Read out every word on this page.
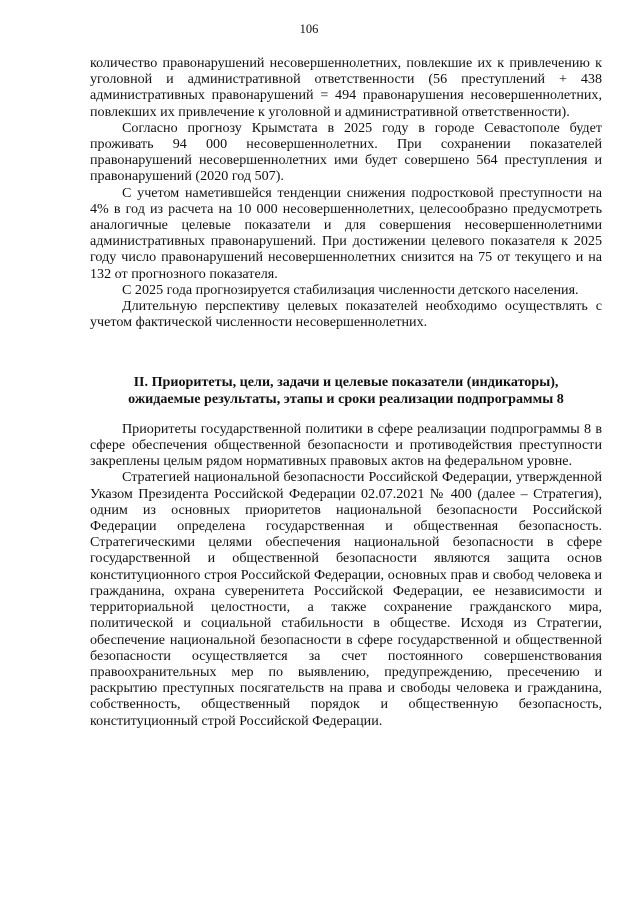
106

количество правонарушений несовершеннолетних, повлекшие их к привлечению к уголовной и административной ответственности (56 преступлений + 438 административных правонарушений = 494 правонарушения несовершеннолетних, повлекших их привлечение к уголовной и административной ответственности).

Согласно прогнозу Крымстата в 2025 году в городе Севастополе будет проживать 94 000 несовершеннолетних. При сохранении показателей правонарушений несовершеннолетних ими будет совершено 564 преступления и правонарушений (2020 год 507).

С учетом наметившейся тенденции снижения подростковой преступности на 4% в год из расчета на 10 000 несовершеннолетних, целесообразно предусмотреть аналогичные целевые показатели и для совершения несовершеннолетними административных правонарушений. При достижении целевого показателя к 2025 году число правонарушений несовершеннолетних снизится на 75 от текущего и на 132 от прогнозного показателя.

С 2025 года прогнозируется стабилизация численности детского населения.

Длительную перспективу целевых показателей необходимо осуществлять с учетом фактической численности несовершеннолетних.

II. Приоритеты, цели, задачи и целевые показатели (индикаторы),
ожидаемые результаты, этапы и сроки реализации подпрограммы 8

Приоритеты государственной политики в сфере реализации подпрограммы 8 в сфере обеспечения общественной безопасности и противодействия преступности закреплены целым рядом нормативных правовых актов на федеральном уровне.

Стратегией национальной безопасности Российской Федерации, утвержденной Указом Президента Российской Федерации 02.07.2021 № 400 (далее – Стратегия), одним из основных приоритетов национальной безопасности Российской Федерации определена государственная и общественная безопасность. Стратегическими целями обеспечения национальной безопасности в сфере государственной и общественной безопасности являются защита основ конституционного строя Российской Федерации, основных прав и свобод человека и гражданина, охрана суверенитета Российской Федерации, ее независимости и территориальной целостности, а также сохранение гражданского мира, политической и социальной стабильности в обществе. Исходя из Стратегии, обеспечение национальной безопасности в сфере государственной и общественной безопасности осуществляется за счет постоянного совершенствования правоохранительных мер по выявлению, предупреждению, пресечению и раскрытию преступных посягательств на права и свободы человека и гражданина, собственность, общественный порядок и общественную безопасность, конституционный строй Российской Федерации.
